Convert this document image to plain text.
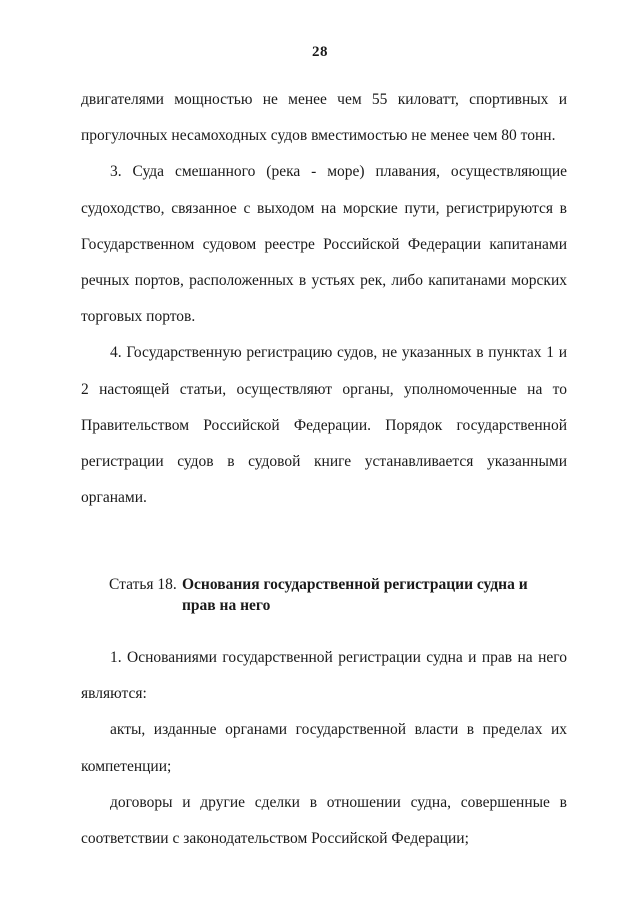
28

двигателями мощностью не менее чем 55 киловатт, спортивных и прогулочных несамоходных судов вместимостью не менее чем 80 тонн.

3. Суда смешанного (река - море) плавания, осуществляющие судоходство, связанное с выходом на морские пути, регистрируются в Государственном судовом реестре Российской Федерации капитанами речных портов, расположенных в устьях рек, либо капитанами морских торговых портов.

4. Государственную регистрацию судов, не указанных в пунктах 1 и 2 настоящей статьи, осуществляют органы, уполномоченные на то Правительством Российской Федерации. Порядок государственной регистрации судов в судовой книге устанавливается указанными органами.

Статья 18. Основания государственной регистрации судна и прав на него

1. Основаниями государственной регистрации судна и прав на него являются:

акты, изданные органами государственной власти в пределах их компетенции;

договоры и другие сделки в отношении судна, совершенные в соответствии с законодательством Российской Федерации;
